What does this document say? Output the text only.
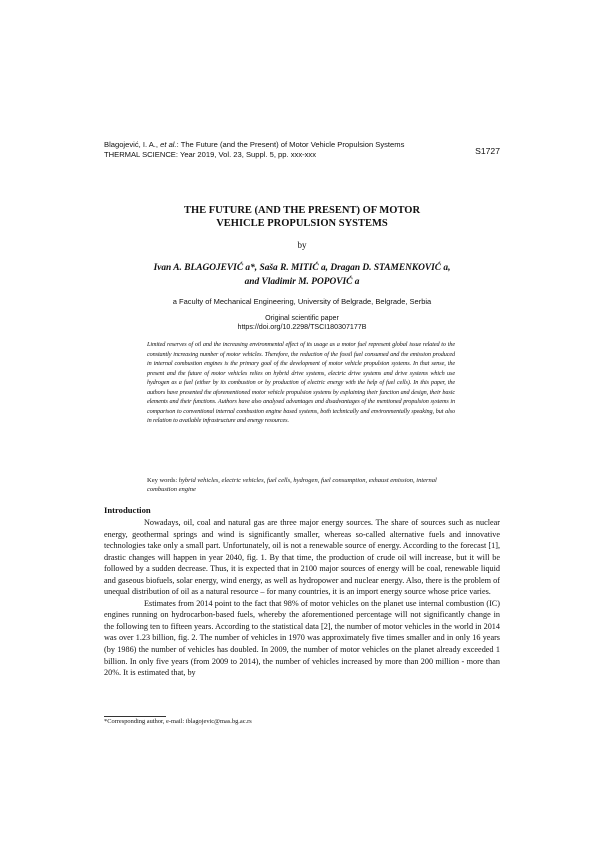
Blagojević, I. A., et al.: The Future (and the Present) of Motor Vehicle Propulsion Systems
THERMAL SCIENCE: Year 2019, Vol. 23, Suppl. 5, pp. xxx-xxx	S1727
THE FUTURE (AND THE PRESENT) OF MOTOR
VEHICLE PROPULSION SYSTEMS
by
Ivan A. BLAGOJEVIĆ a*, Saša R. MITIĆ a, Dragan D. STAMENKOVIĆ a,
and Vladimir M. POPOVIĆ a
a Faculty of Mechanical Engineering, University of Belgrade, Belgrade, Serbia
Original scientific paper
https://doi.org/10.2298/TSCI180307177B
Limited reserves of oil and the increasing environmental effect of its usage as a motor fuel represent global issue related to the constantly increasing number of motor vehicles. Therefore, the reduction of the fossil fuel consumed and the emission produced in internal combustion engines is the primary goal of the development of motor vehicle propulsion systems. In that sense, the present and the future of motor vehicles relies on hybrid drive systems, electric drive systems and drive systems which use hydrogen as a fuel (either by its combustion or by production of electric energy with the help of fuel cells). In this paper, the authors have presented the aforementioned motor vehicle propulsion systems by explaining their function and design, their basic elements and their functions. Authors have also analysed advantages and disadvantages of the mentioned propulsion systems in comparison to conventional internal combustion engine based systems, both technically and environmentally speaking, but also in relation to available infrastructure and energy resources.
Key words: hybrid vehicles, electric vehicles, fuel cells, hydrogen, fuel consumption, exhaust emission, internal combustion engine
Introduction

Nowadays, oil, coal and natural gas are three major energy sources. The share of sources such as nuclear energy, geothermal springs and wind is significantly smaller, whereas so-called alternative fuels and innovative technologies take only a small part. Unfortunately, oil is not a renewable source of energy. According to the forecast [1], drastic changes will happen in year 2040, fig. 1. By that time, the production of crude oil will increase, but it will be followed by a sudden decrease. Thus, it is expected that in 2100 major sources of energy will be coal, renewable liquid and gaseous biofuels, solar energy, wind energy, as well as hydropower and nuclear energy. Also, there is the problem of unequal distribution of oil as a natural resource – for many countries, it is an import energy source whose price varies.

Estimates from 2014 point to the fact that 98% of motor vehicles on the planet use internal combustion (IC) engines running on hydrocarbon-based fuels, whereby the aforementioned percentage will not significantly change in the following ten to fifteen years. According to the statistical data [2], the number of motor vehicles in the world in 2014 was over 1.23 billion, fig. 2. The number of vehicles in 1970 was approximately five times smaller and in only 16 years (by 1986) the number of vehicles has doubled. In 2009, the number of motor vehicles on the planet already exceeded 1 billion. In only five years (from 2009 to 2014), the number of vehicles increased by more than 200 million - more than 20%. It is estimated that, by

*Corresponding author, e-mail: iblagojevic@mas.bg.ac.rs
